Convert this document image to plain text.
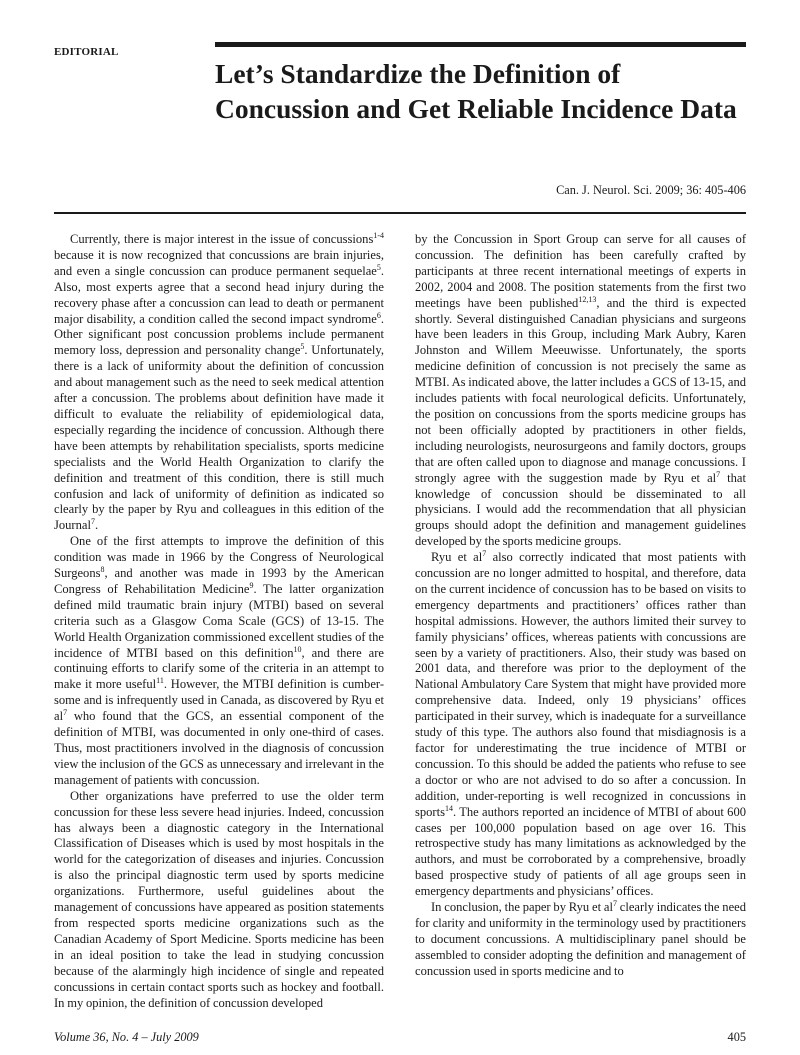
EDITORIAL
Let’s Standardize the Definition of Concussion and Get Reliable Incidence Data
Can. J. Neurol. Sci. 2009; 36: 405-406

Currently, there is major interest in the issue of concussions$^{1-4}$ because it is now recognized that concussions are brain injuries, and even a single concussion can produce permanent sequelae$^5$. Also, most experts agree that a second head injury during the recovery phase after a concussion can lead to death or permanent major disability, a condition called the second impact syndrome$^6$. Other significant post concussion problems include permanent memory loss, depression and personality change$^5$. Unfortunately, there is a lack of uniformity about the definition of concussion and about management such as the need to seek medical attention after a concussion. The problems about definition have made it difficult to evaluate the reliability of epidemiological data, especially regarding the incidence of concussion. Although there have been attempts by rehabilitation specialists, sports medicine specialists and the World Health Organization to clarify the definition and treatment of this condition, there is still much confusion and lack of uniformity of definition as indicated so clearly by the paper by Ryu and colleagues in this edition of the Journal$^7$.

One of the first attempts to improve the definition of this condition was made in 1966 by the Congress of Neurological Surgeons$^8$, and another was made in 1993 by the American Congress of Rehabilitation Medicine$^9$. The latter organization defined mild traumatic brain injury (MTBI) based on several criteria such as a Glasgow Coma Scale (GCS) of 13-15. The World Health Organization commissioned excellent studies of the incidence of MTBI based on this definition$^{10}$, and there are continuing efforts to clarify some of the criteria in an attempt to make it more useful$^{11}$. However, the MTBI definition is cumber-some and is infrequently used in Canada, as discovered by Ryu et $al^7$ who found that the GCS, an essential component of the definition of MTBI, was documented in only one-third of cases. Thus, most practitioners involved in the diagnosis of concussion view the inclusion of the GCS as unnecessary and irrelevant in the management of patients with concussion.

Other organizations have preferred to use the older term concussion for these less severe head injuries. Indeed, concussion has always been a diagnostic category in the International Classification of Diseases which is used by most hospitals in the world for the categorization of diseases and injuries. Concussion is also the principal diagnostic term used by sports medicine organizations. Furthermore, useful guidelines about the management of concussions have appeared as position statements from respected sports medicine organizations such as the Canadian Academy of Sport Medicine. Sports medicine has been in an ideal position to take the lead in studying concussion because of the alarmingly high incidence of single and repeated concussions in certain contact sports such as hockey and football. In my opinion, the definition of concussion developed

by the Concussion in Sport Group can serve for all causes of concussion. The definition has been carefully crafted by participants at three recent international meetings of experts in 2002, 2004 and 2008. The position statements from the first two meetings have been published$^{12,13}$, and the third is expected shortly. Several distinguished Canadian physicians and surgeons have been leaders in this Group, including Mark Aubry, Karen Johnston and Willem Meeuwisse. Unfortunately, the sports medicine definition of concussion is not precisely the same as MTBI. As indicated above, the latter includes a GCS of 13-15, and includes patients with focal neurological deficits. Unfortunately, the position on concussions from the sports medicine groups has not been officially adopted by practitioners in other fields, including neurologists, neurosurgeons and family doctors, groups that are often called upon to diagnose and manage concussions. I strongly agree with the suggestion made by Ryu et $al^7$ that knowledge of concussion should be disseminated to all physicians. I would add the recommendation that all physician groups should adopt the definition and management guidelines developed by the sports medicine groups.

Ryu et $al^7$ also correctly indicated that most patients with concussion are no longer admitted to hospital, and therefore, data on the current incidence of concussion has to be based on visits to emergency departments and practitioners’ offices rather than hospital admissions. However, the authors limited their survey to family physicians’ offices, whereas patients with concussions are seen by a variety of practitioners. Also, their study was based on 2001 data, and therefore was prior to the deployment of the National Ambulatory Care System that might have provided more comprehensive data. Indeed, only 19 physicians’ offices participated in their survey, which is inadequate for a surveillance study of this type. The authors also found that misdiagnosis is a factor for underestimating the true incidence of MTBI or concussion. To this should be added the patients who refuse to see a doctor or who are not advised to do so after a concussion. In addition, under-reporting is well recognized in concussions in sports$^{14}$. The authors reported an incidence of MTBI of about 600 cases per 100,000 population based on age over 16. This retrospective study has many limitations as acknowledged by the authors, and must be corroborated by a comprehensive, broadly based prospective study of patients of all age groups seen in emergency departments and physicians’ offices.

In conclusion, the paper by Ryu et $al^7$ clearly indicates the need for clarity and uniformity in the terminology used by practitioners to document concussions. A multidisciplinary panel should be assembled to consider adopting the definition and management of concussion used in sports medicine and to

Volume 36, No. 4 – July 2009	405
